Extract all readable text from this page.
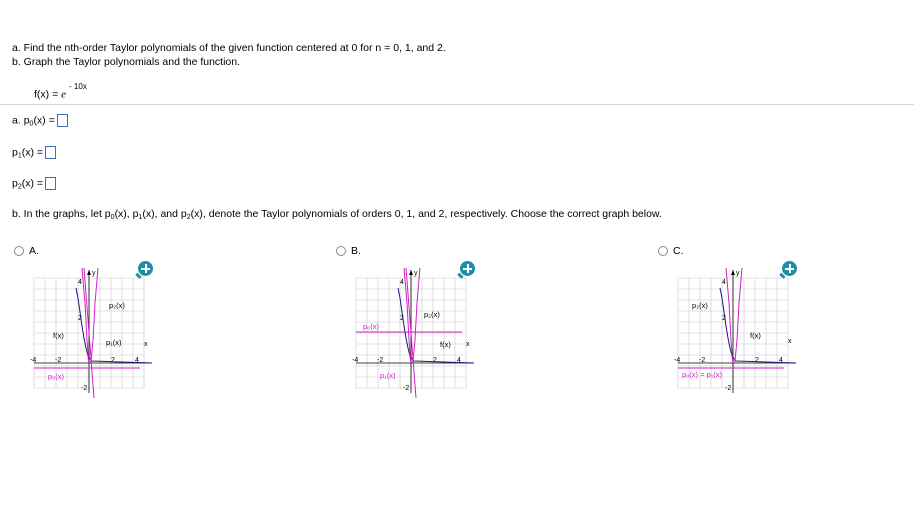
a. Find the nth-order Taylor polynomials of the given function centered at 0 for n = 0, 1, and 2.
b. Graph the Taylor polynomials and the function.
$f(x) = e^{- 10x}$
a. $p_0(x)$ =
$p_1(x)$ =
$p_2(x)$ =
b. In the graphs, let $p_0(x)$, $p_1(x)$, and $p_2(x)$, denote the Taylor polynomials of orders 0, 1, and 2, respectively. Choose the correct graph below.
A.	B.	C.
y
x
4
2
-2
-4	-2	2	4
p₂(x)
f(x)
p₁(x)
p₀(x)
y
x
4
2
-2
-4	-2	2	4
p₂(x)
p₀(x)
f(x)
p₁(x)
y
x
4
2
-2
-4	-2	2	4
p₂(x)
f(x)
p₀(x) = p₁(x)
